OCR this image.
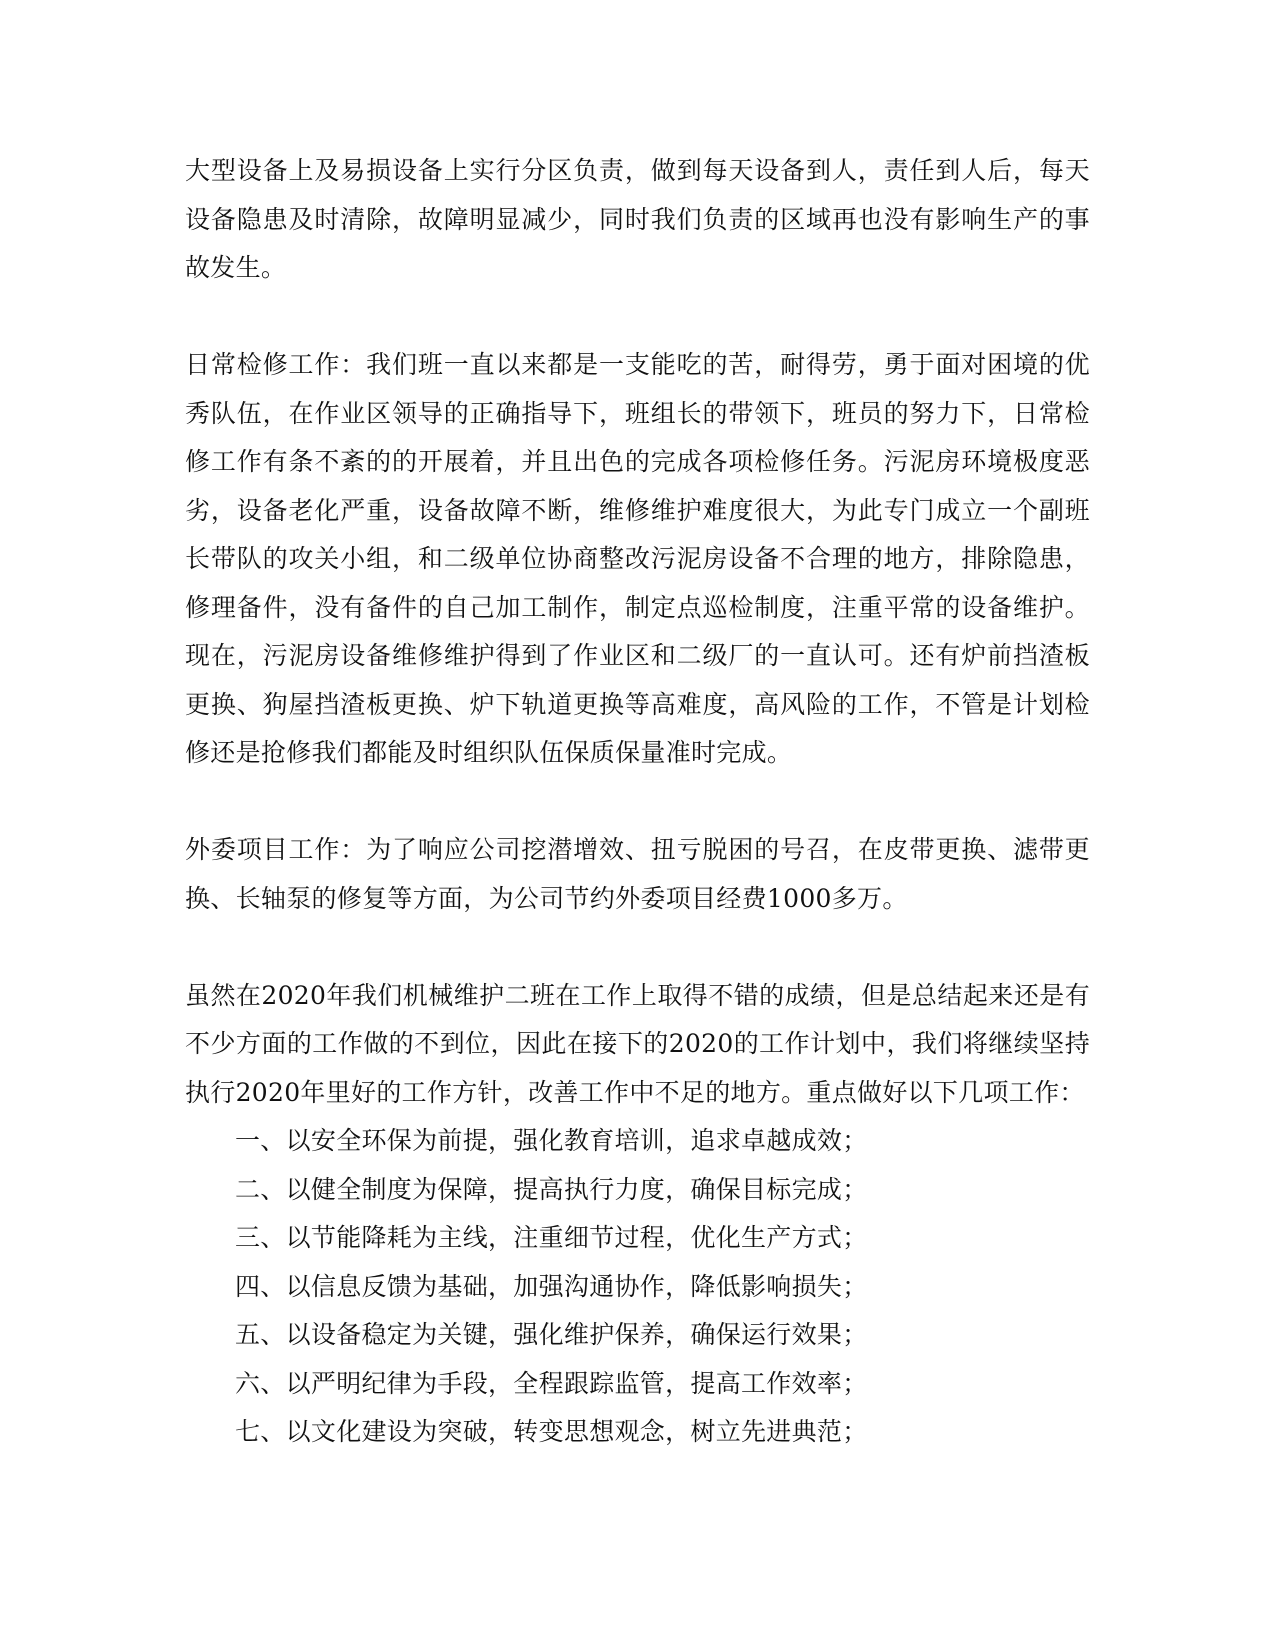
大型设备上及易损设备上实行分区负责，做到每天设备到人，责任到人后，每天设备隐患及时清除，故障明显减少，同时我们负责的区域再也没有影响生产的事故发生。

日常检修工作：我们班一直以来都是一支能吃的苦，耐得劳，勇于面对困境的优秀队伍，在作业区领导的正确指导下，班组长的带领下，班员的努力下，日常检修工作有条不紊的的开展着，并且出色的完成各项检修任务。污泥房环境极度恶劣，设备老化严重，设备故障不断，维修维护难度很大，为此专门成立一个副班长带队的攻关小组，和二级单位协商整改污泥房设备不合理的地方，排除隐患，修理备件，没有备件的自己加工制作，制定点巡检制度，注重平常的设备维护。现在，污泥房设备维修维护得到了作业区和二级厂的一直认可。还有炉前挡渣板更换、狗屋挡渣板更换、炉下轨道更换等高难度，高风险的工作，不管是计划检修还是抢修我们都能及时组织队伍保质保量准时完成。

外委项目工作：为了响应公司挖潜增效、扭亏脱困的号召，在皮带更换、滤带更换、长轴泵的修复等方面，为公司节约外委项目经费1000多万。

虽然在2020年我们机械维护二班在工作上取得不错的成绩，但是总结起来还是有不少方面的工作做的不到位，因此在接下的2020的工作计划中，我们将继续坚持执行2020年里好的工作方针，改善工作中不足的地方。重点做好以下几项工作：

一、以安全环保为前提，强化教育培训，追求卓越成效；
二、以健全制度为保障，提高执行力度，确保目标完成；
三、以节能降耗为主线，注重细节过程，优化生产方式；
四、以信息反馈为基础，加强沟通协作，降低影响损失；
五、以设备稳定为关键，强化维护保养，确保运行效果；
六、以严明纪律为手段，全程跟踪监管，提高工作效率；
七、以文化建设为突破，转变思想观念，树立先进典范；
